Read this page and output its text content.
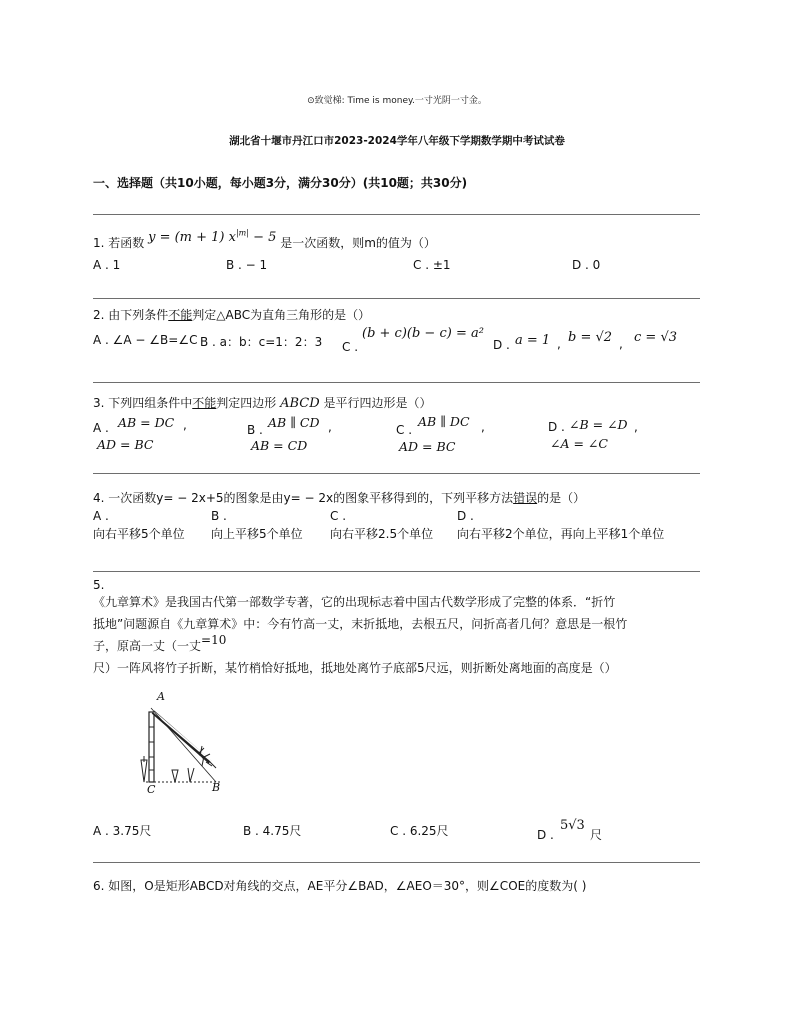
⊙致觉梯: Time is money.一寸光阴一寸金。
湖北省十堰市丹江口市2023-2024学年八年级下学期数学期中考试试卷
一、选择题（共10小题，每小题3分，满分30分）(共10题；共30分)
1. 若函数 y = (m + 1) $x^{|m|} - 5$ 是一次函数，则m的值为（）
A . 1	B . − 1	C . ±1	D . 0
2. 由下列条件不能判定△ABC为直角三角形的是（）
A . ∠A − ∠B=∠C B . a：b：c=1：2：3 C .
(b + c)(b − c) = a²
D . a = 1 , b = √2 , c = √3
3. 下列四组条件中不能判定四边形 ABCD 是平行四边形是（）
A . AB = DC ,
AD = BC
B . AB ∥ CD ,
AB = CD
C .
AB ∥ DC ,
AD = BC
D . ∠B = ∠D ,
∠A = ∠C
4. 一次函数y= − 2x+5的图象是由y= − 2x的图象平移得到的，下列平移方法错误的是（）
A .
向右平移5个单位
B .
向上平移5个单位
C .
向右平移2.5个单位
D .
向右平移2个单位，再向上平移1个单位
5.
《九章算术》是我国古代第一部数学专著，它的出现标志着中国古代数学形成了完整的体系．“折竹
抵地”问题源自《九章算术》中：今有竹高一丈，末折抵地，去根五尺，问折高者几何？意思是一根竹
子，原高一丈（一丈=10
尺）一阵风将竹子折断，某竹梢恰好抵地，抵地处离竹子底部5尺远，则折断处离地面的高度是（）
A
C	B
A . 3.75尺	B . 4.75尺	C . 6.25尺	D .
5√3
尺
6. 如图，O是矩形ABCD对角线的交点，AE平分∠BAD，∠AEO＝30°，则∠COE的度数为( )
